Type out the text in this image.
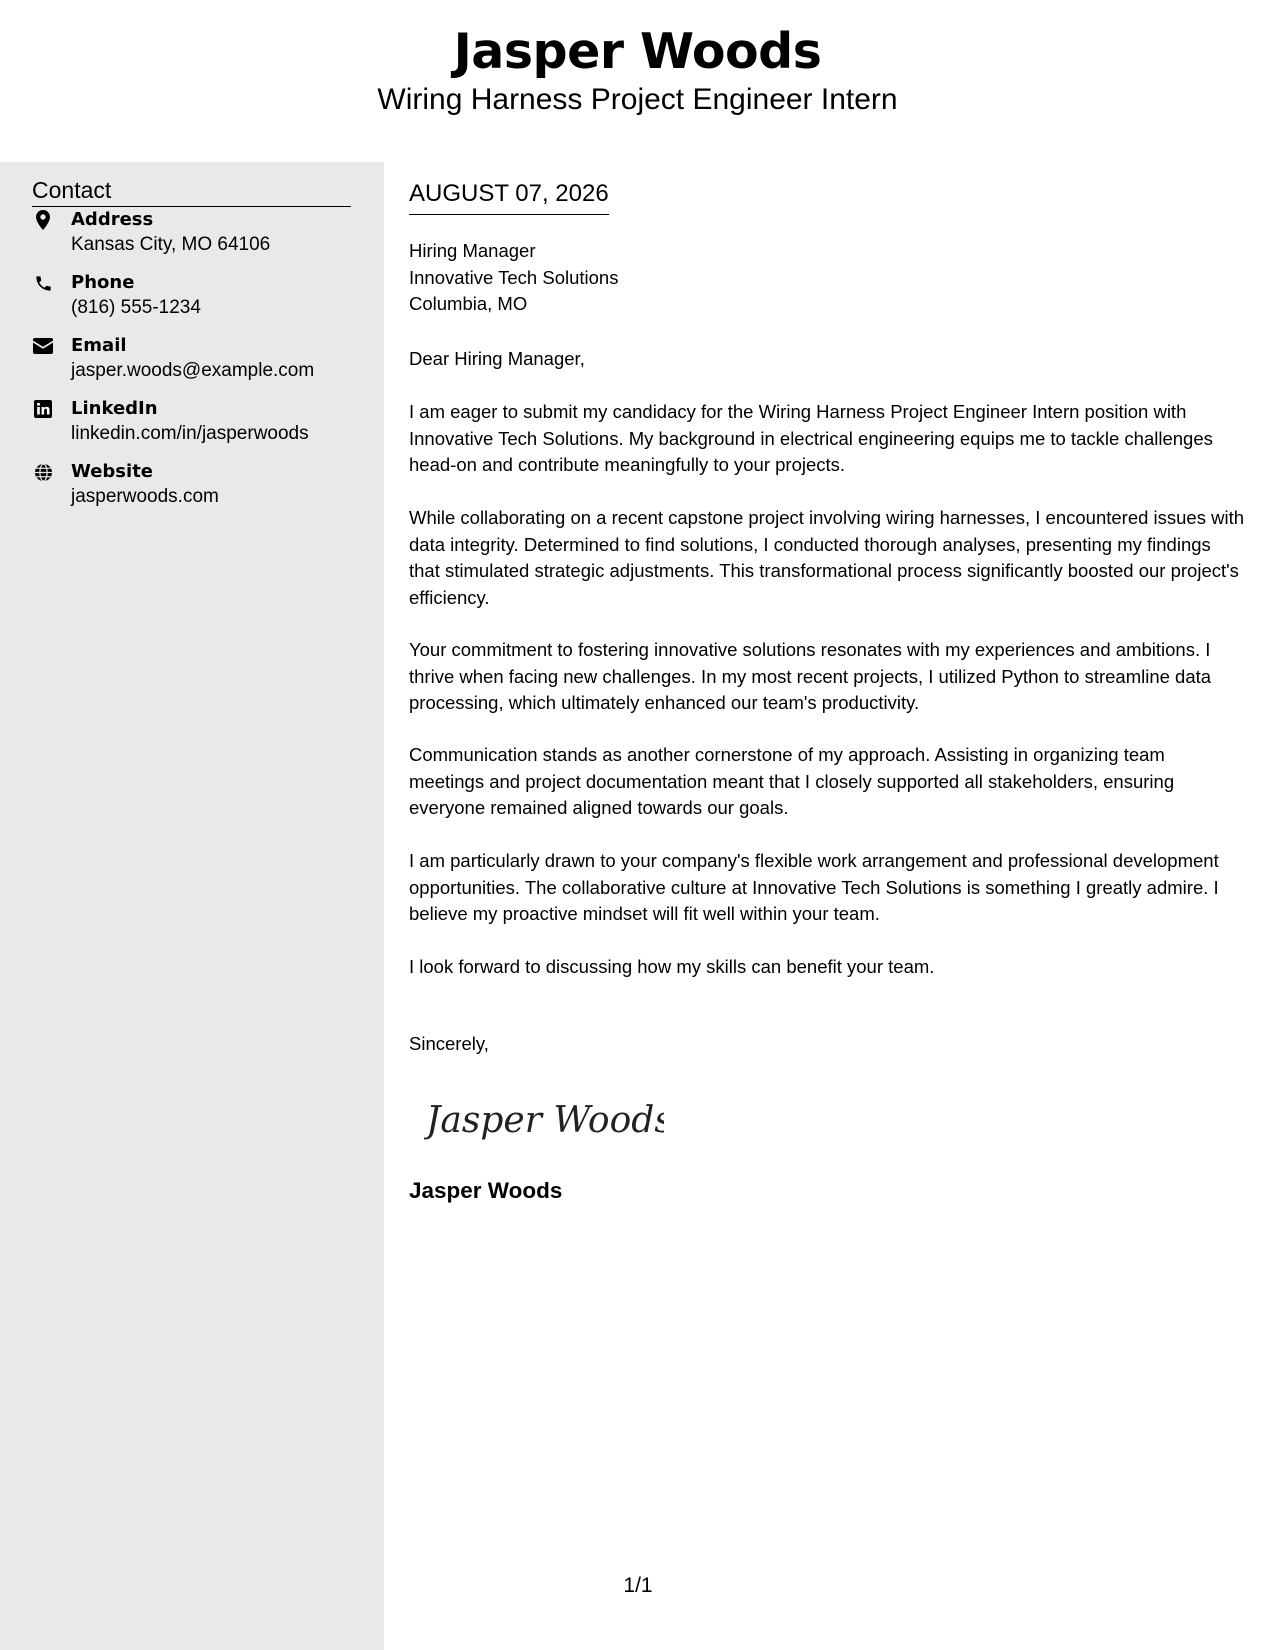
Jasper Woods
Wiring Harness Project Engineer Intern
Contact
Address
Kansas City, MO 64106
Phone
(816) 555-1234
Email
jasper.woods@example.com
LinkedIn
linkedin.com/in/jasperwoods
Website
jasperwoods.com
AUGUST 07, 2026
Hiring Manager
Innovative Tech Solutions
Columbia, MO
Dear Hiring Manager,

I am eager to submit my candidacy for the Wiring Harness Project Engineer Intern position with Innovative Tech Solutions. My background in electrical engineering equips me to tackle challenges head-on and contribute meaningfully to your projects.

While collaborating on a recent capstone project involving wiring harnesses, I encountered issues with data integrity. Determined to find solutions, I conducted thorough analyses, presenting my findings that stimulated strategic adjustments. This transformational process significantly boosted our project's efficiency.

Your commitment to fostering innovative solutions resonates with my experiences and ambitions. I thrive when facing new challenges. In my most recent projects, I utilized Python to streamline data processing, which ultimately enhanced our team's productivity.

Communication stands as another cornerstone of my approach. Assisting in organizing team meetings and project documentation meant that I closely supported all stakeholders, ensuring everyone remained aligned towards our goals.

I am particularly drawn to your company's flexible work arrangement and professional development opportunities. The collaborative culture at Innovative Tech Solutions is something I greatly admire. I believe my proactive mindset will fit well within your team.

I look forward to discussing how my skills can benefit your team.

Sincerely,
Jasper Woods
Jasper Woods
1/1
